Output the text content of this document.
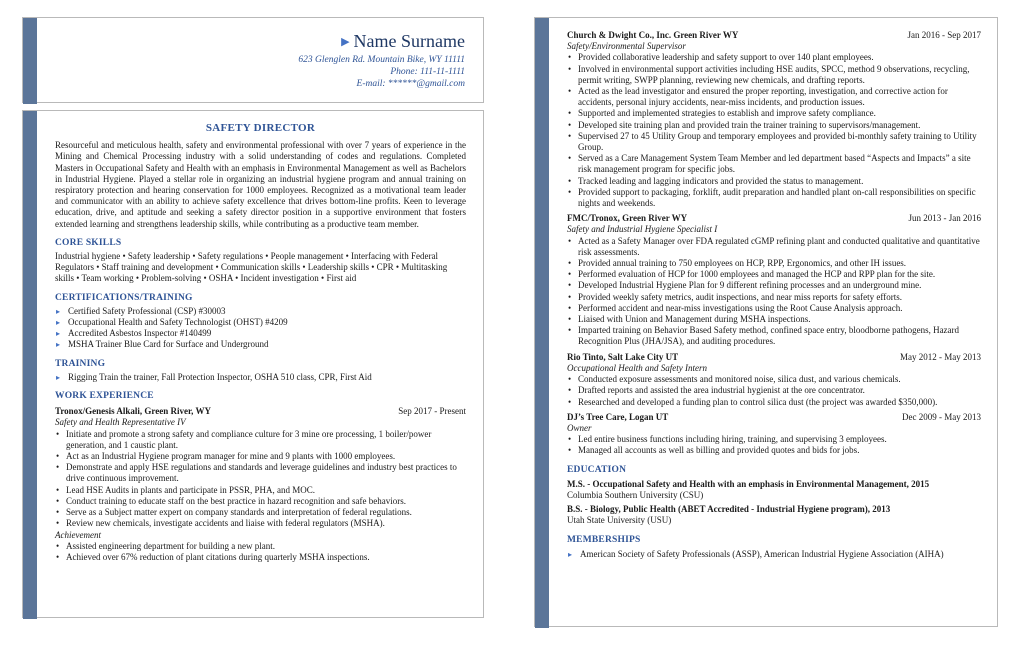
▶ Name Surname
623 Glenglen Rd. Mountain Bike, WY 11111
Phone: 111-11-1111
E-mail: ******@gmail.com
SAFETY DIRECTOR

Resourceful and meticulous health, safety and environmental professional with over 7 years of experience in the Mining and Chemical Processing industry with a solid understanding of codes and regulations. Completed Masters in Occupational Safety and Health with an emphasis in Environmental Management as well as Bachelors in Industrial Hygiene. Played a stellar role in organizing an industrial hygiene program and annual training on respiratory protection and hearing conservation for 1000 employees. Recognized as a motivational team leader and communicator with an ability to achieve safety excellence that drives bottom-line profits. Keen to leverage education, drive, and aptitude and seeking a safety director position in a supportive environment that fosters extended learning and strengthens leadership skills, while contributing as a productive team member.

CORE SKILLS

Industrial hygiene • Safety leadership • Safety regulations • People management • Interfacing with Federal Regulators • Staff training and development • Communication skills • Leadership skills • CPR • Multitasking skills • Team working • Problem-solving • OSHA • Incident investigation • First aid

CERTIFICATIONS/TRAINING
▸ Certified Safety Professional (CSP) #30003
▸ Occupational Health and Safety Technologist (OHST) #4209
▸ Accredited Asbestos Inspector #140499
▸ MSHA Trainer Blue Card for Surface and Underground
TRAINING
▸ Rigging Train the trainer, Fall Protection Inspector, OSHA 510 class, CPR, First Aid
WORK EXPERIENCE
Tronox/Genesis Alkali, Green River, WY	Sep 2017 - Present
Safety and Health Representative IV
• Initiate and promote a strong safety and compliance culture for 3 mine ore processing, 1 boiler/power generation, and 1 caustic plant.
• Act as an Industrial Hygiene program manager for mine and 9 plants with 1000 employees.
• Demonstrate and apply HSE regulations and standards and leverage guidelines and industry best practices to drive continuous improvement.
• Lead HSE Audits in plants and participate in PSSR, PHA, and MOC.
• Conduct training to educate staff on the best practice in hazard recognition and safe behaviors.
• Serve as a Subject matter expert on company standards and interpretation of federal regulations.
• Review new chemicals, investigate accidents and liaise with federal regulators (MSHA).
Achievement
• Assisted engineering department for building a new plant.
• Achieved over 67% reduction of plant citations during quarterly MSHA inspections.
Church & Dwight Co., Inc. Green River WY	Jan 2016 - Sep 2017
Safety/Environmental Supervisor
• Provided collaborative leadership and safety support to over 140 plant employees.
• Involved in environmental support activities including HSE audits, SPCC, method 9 observations, recycling, permit writing, SWPP planning, reviewing new chemicals, and drafting reports.
• Acted as the lead investigator and ensured the proper reporting, investigation, and corrective action for accidents, personal injury accidents, near-miss incidents, and production issues.
• Supported and implemented strategies to establish and improve safety compliance.
• Developed site training plan and provided train the trainer training to supervisors/management.
• Supervised 27 to 45 Utility Group and temporary employees and provided bi-monthly safety training to Utility Group.
• Served as a Care Management System Team Member and led department based “Aspects and Impacts” a site risk management program for specific jobs.
• Tracked leading and lagging indicators and provided the status to management.
• Provided support to packaging, forklift, audit preparation and handled plant on-call responsibilities on specific nights and weekends.
FMC/Tronox, Green River WY	Jun 2013 - Jan 2016
Safety and Industrial Hygiene Specialist I
• Acted as a Safety Manager over FDA regulated cGMP refining plant and conducted qualitative and quantitative risk assessments.
• Provided annual training to 750 employees on HCP, RPP, Ergonomics, and other IH issues.
• Performed evaluation of HCP for 1000 employees and managed the HCP and RPP plan for the site.
• Developed Industrial Hygiene Plan for 9 different refining processes and an underground mine.
• Provided weekly safety metrics, audit inspections, and near miss reports for safety efforts.
• Performed accident and near-miss investigations using the Root Cause Analysis approach.
• Liaised with Union and Management during MSHA inspections.
• Imparted training on Behavior Based Safety method, confined space entry, bloodborne pathogens, Hazard Recognition Plus (JHA/JSA), and auditing procedures.
Rio Tinto, Salt Lake City UT	May 2012 - May 2013
Occupational Health and Safety Intern
• Conducted exposure assessments and monitored noise, silica dust, and various chemicals.
• Drafted reports and assisted the area industrial hygienist at the ore concentrator.
• Researched and developed a funding plan to control silica dust (the project was awarded $350,000).
DJ’s Tree Care, Logan UT	Dec 2009 - May 2013
Owner
• Led entire business functions including hiring, training, and supervising 3 employees.
• Managed all accounts as well as billing and provided quotes and bids for jobs.
EDUCATION
M.S. - Occupational Safety and Health with an emphasis in Environmental Management, 2015
Columbia Southern University (CSU)
B.S. - Biology, Public Health (ABET Accredited - Industrial Hygiene program), 2013
Utah State University (USU)
MEMBERSHIPS
▸ American Society of Safety Professionals (ASSP), American Industrial Hygiene Association (AIHA)
